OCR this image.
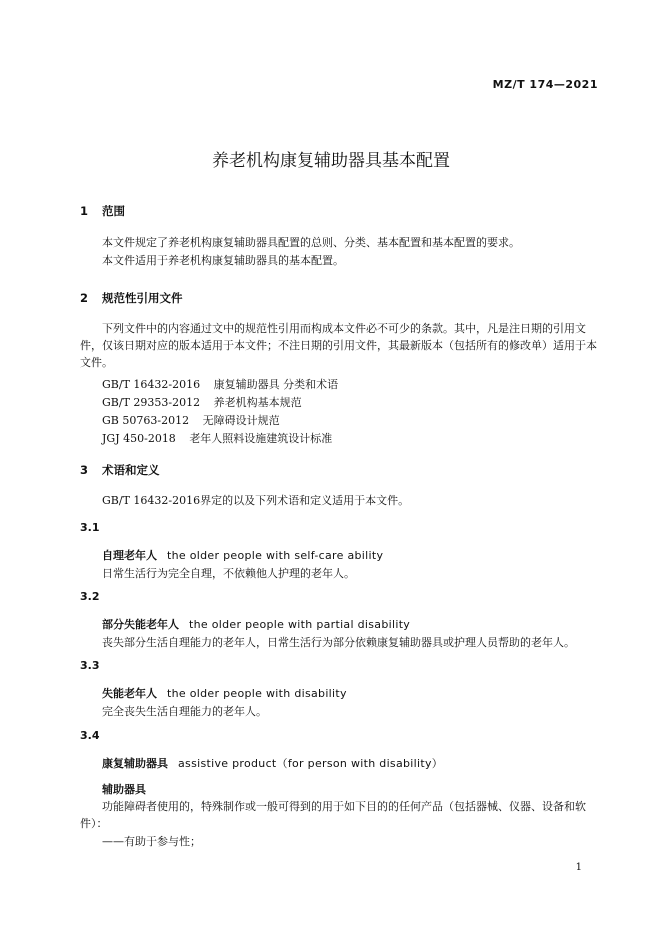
MZ/T 174—2021
养老机构康复辅助器具基本配置
1 范围
本文件规定了养老机构康复辅助器具配置的总则、分类、基本配置和基本配置的要求。
本文件适用于养老机构康复辅助器具的基本配置。
2 规范性引用文件
下列文件中的内容通过文中的规范性引用而构成本文件必不可少的条款。其中，凡是注日期的引用文件，仅该日期对应的版本适用于本文件；不注日期的引用文件，其最新版本（包括所有的修改单）适用于本文件。
GB/T 16432-2016 康复辅助器具 分类和术语
GB/T 29353-2012 养老机构基本规范
GB 50763-2012 无障碍设计规范
JGJ 450-2018 老年人照料设施建筑设计标准
3 术语和定义
GB/T 16432-2016界定的以及下列术语和定义适用于本文件。
3.1
自理老年人 the older people with self-care ability
日常生活行为完全自理，不依赖他人护理的老年人。
3.2
部分失能老年人 the older people with partial disability
丧失部分生活自理能力的老年人，日常生活行为部分依赖康复辅助器具或护理人员帮助的老年人。
3.3
失能老年人 the older people with disability
完全丧失生活自理能力的老年人。
3.4
康复辅助器具 assistive product（for person with disability）
辅助器具
功能障碍者使用的，特殊制作或一般可得到的用于如下目的的任何产品（包括器械、仪器、设备和软件）：
——有助于参与性；
1
